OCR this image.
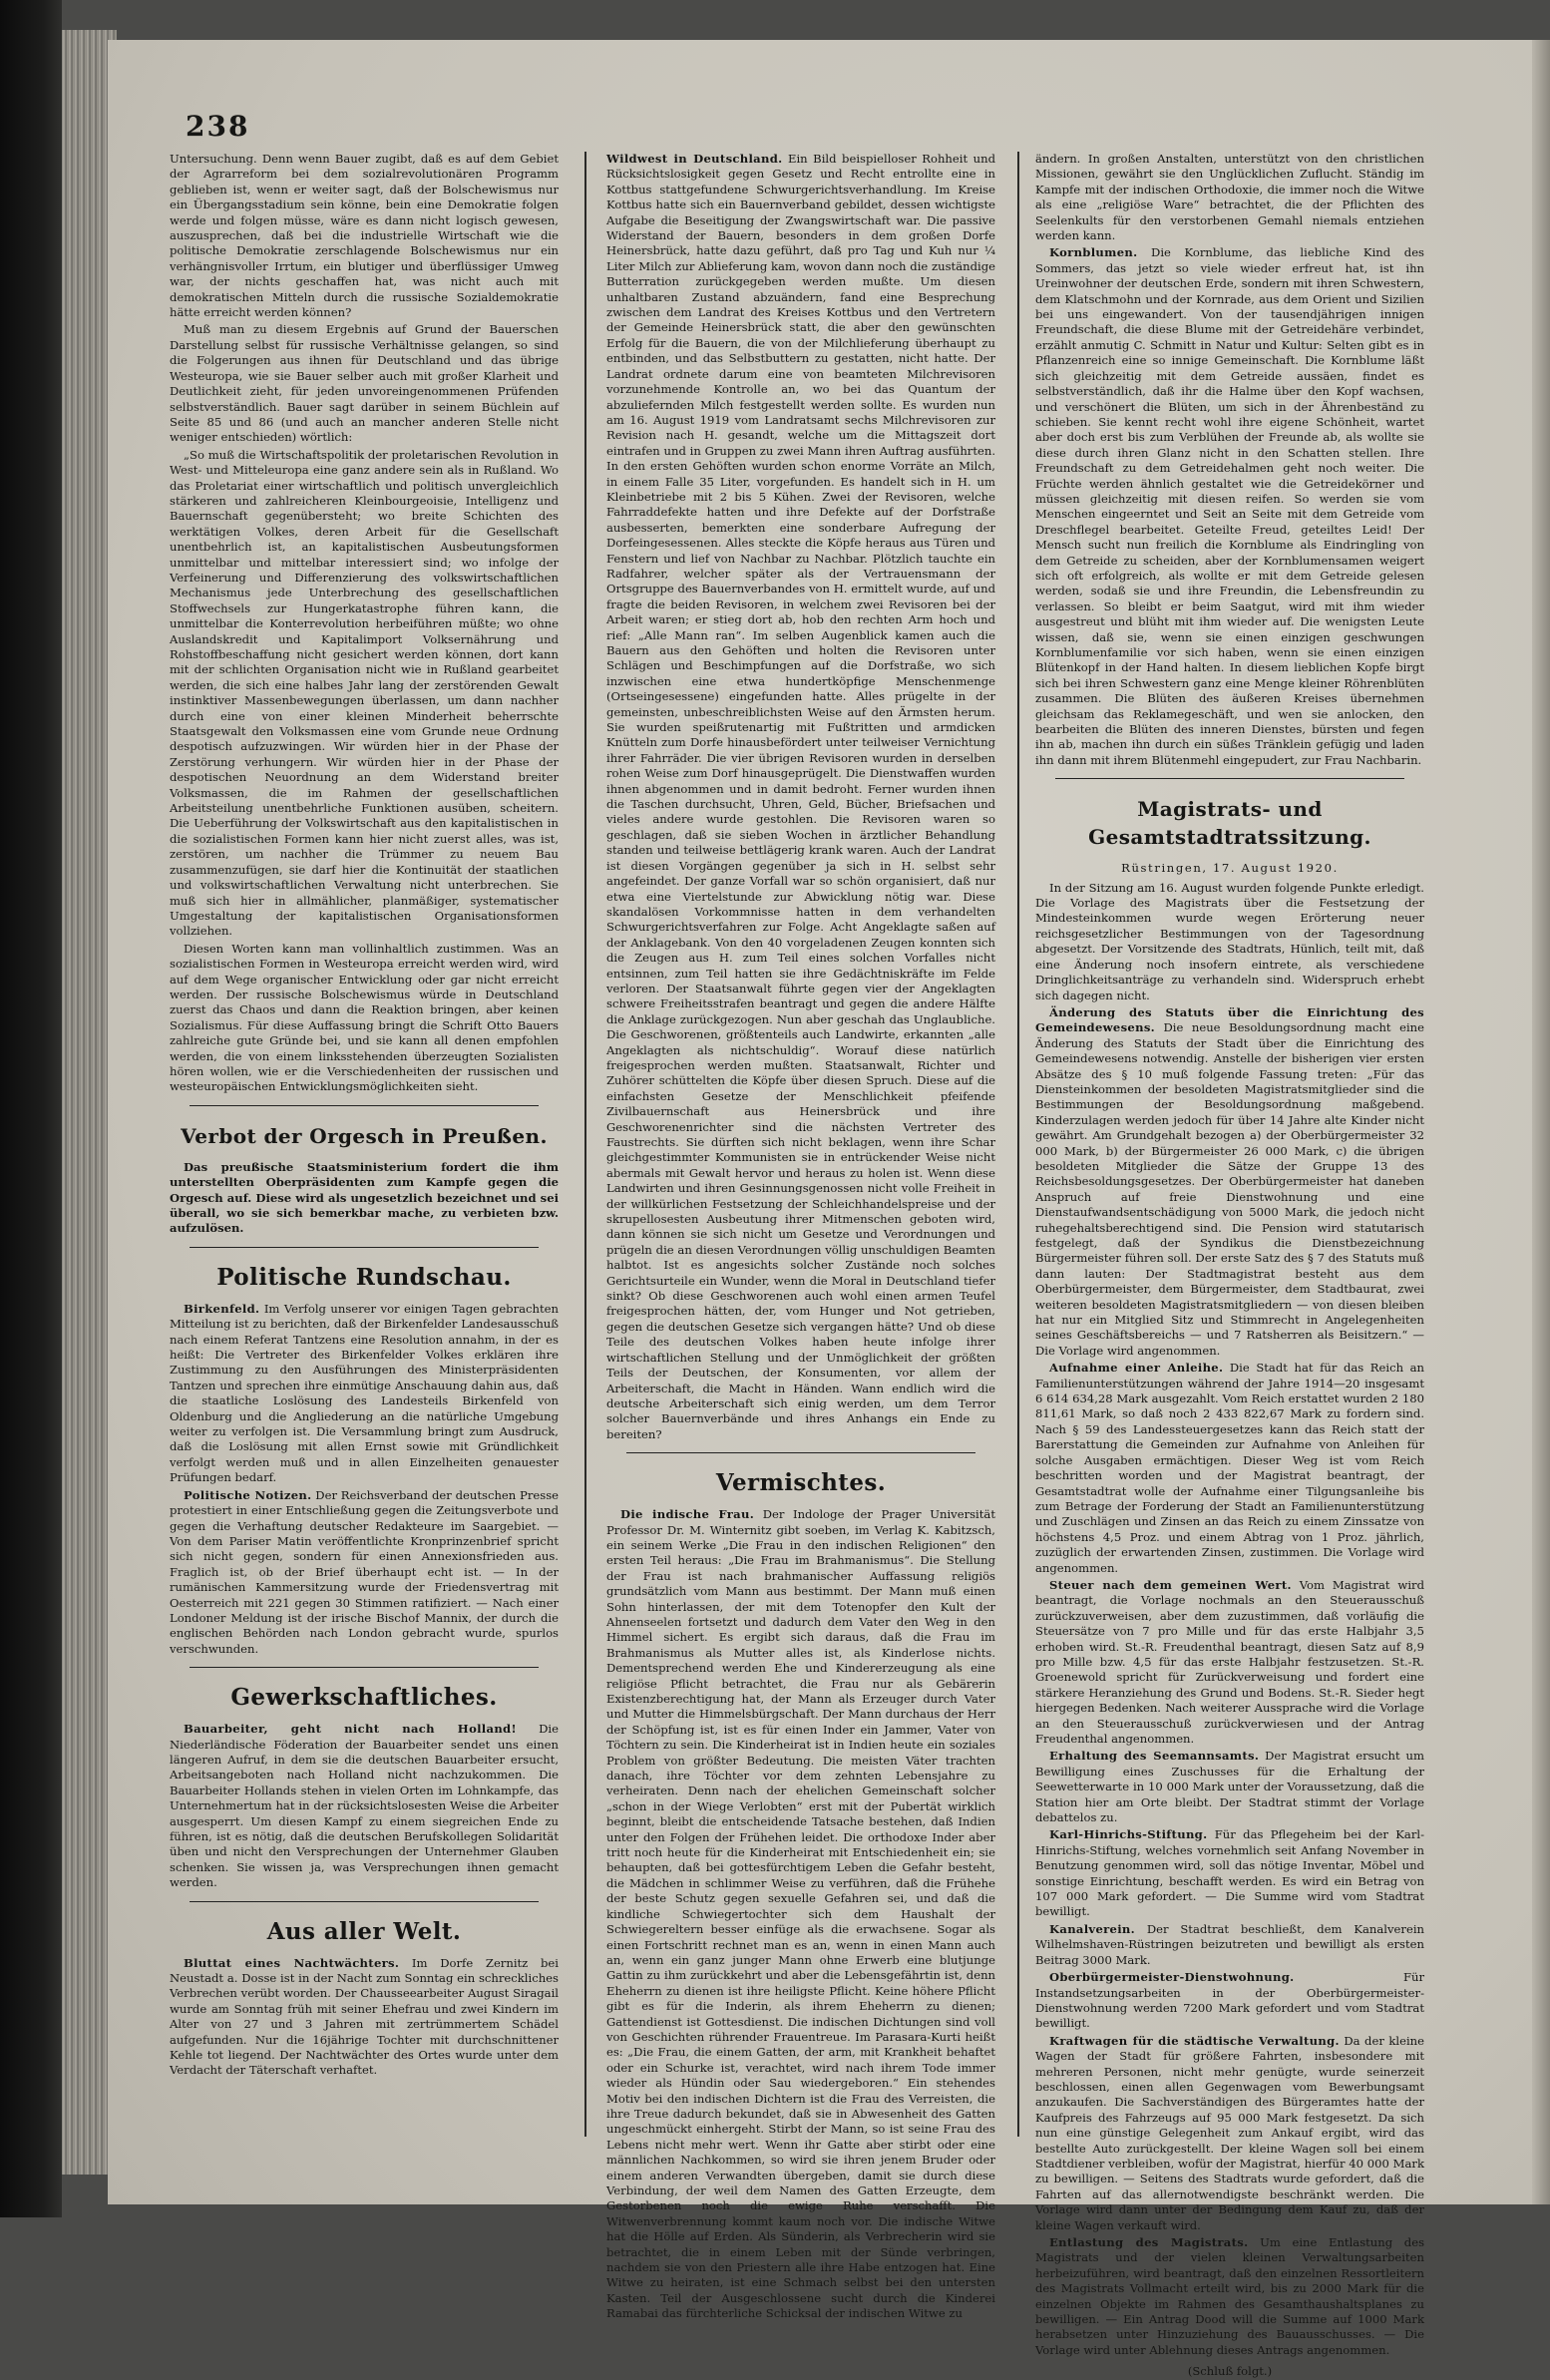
238

Untersuchung. Denn wenn Bauer zugibt, daß es auf dem Gebiet der Agrarreform bei dem sozialrevolutionären Programm geblieben ist, wenn er weiter sagt, daß der Bolschewismus nur ein Übergangsstadium sein könne, bein eine Demokratie folgen werde und folgen müsse, wäre es dann nicht logisch gewesen, auszusprechen, daß bei die industrielle Wirtschaft wie die politische Demokratie zerschlagende Bolschewismus nur ein verhängnisvoller Irrtum, ein blutiger und überflüssiger Umweg war, der nichts geschaffen hat, was nicht auch mit demokratischen Mitteln durch die russische Sozialdemokratie hätte erreicht werden können?

Muß man zu diesem Ergebnis auf Grund der Bauerschen Darstellung selbst für russische Verhältnisse gelangen, so sind die Folgerungen aus ihnen für Deutschland und das übrige Westeuropa, wie sie Bauer selber auch mit großer Klarheit und Deutlichkeit zieht, für jeden unvoreingenommenen Prüfenden selbstverständlich. Bauer sagt darüber in seinem Büchlein auf Seite 85 und 86 (und auch an mancher anderen Stelle nicht weniger entschieden) wörtlich:

„So muß die Wirtschaftspolitik der proletarischen Revolution in West- und Mitteleuropa eine ganz andere sein als in Rußland. Wo das Proletariat einer wirtschaftlich und politisch unvergleichlich stärkeren und zahlreicheren Kleinbourgeoisie, Intelligenz und Bauernschaft gegenübersteht; wo breite Schichten des werktätigen Volkes, deren Arbeit für die Gesellschaft unentbehrlich ist, an kapitalistischen Ausbeutungsformen unmittelbar und mittelbar interessiert sind; wo infolge der Verfeinerung und Differenzierung des volkswirtschaftlichen Mechanismus jede Unterbrechung des gesellschaftlichen Stoffwechsels zur Hungerkatastrophe führen kann, die unmittelbar die Konterrevolution herbeiführen müßte; wo ohne Auslandskredit und Kapitalimport Volksernährung und Rohstoffbeschaffung nicht gesichert werden können, dort kann mit der schlichten Organisation nicht wie in Rußland gearbeitet werden, die sich eine halbes Jahr lang der zerstörenden Gewalt instinktiver Massenbewegungen überlassen, um dann nachher durch eine von einer kleinen Minderheit beherrschte Staatsgewalt den Volksmassen eine vom Grunde neue Ordnung despotisch aufzuzwingen. Wir würden hier in der Phase der Zerstörung verhungern. Wir würden hier in der Phase der despotischen Neuordnung an dem Widerstand breiter Volksmassen, die im Rahmen der gesellschaftlichen Arbeitsteilung unentbehrliche Funktionen ausüben, scheitern. Die Ueberführung der Volkswirtschaft aus den kapitalistischen in die sozialistischen Formen kann hier nicht zuerst alles, was ist, zerstören, um nachher die Trümmer zu neuem Bau zusammenzufügen, sie darf hier die Kontinuität der staatlichen und volkswirtschaftlichen Verwaltung nicht unterbrechen. Sie muß sich hier in allmählicher, planmäßiger, systematischer Umgestaltung der kapitalistischen Organisationsformen vollziehen.

Diesen Worten kann man vollinhaltlich zustimmen. Was an sozialistischen Formen in Westeuropa erreicht werden wird, wird auf dem Wege organischer Entwicklung oder gar nicht erreicht werden. Der russische Bolschewismus würde in Deutschland zuerst das Chaos und dann die Reaktion bringen, aber keinen Sozialismus. Für diese Auffassung bringt die Schrift Otto Bauers zahlreiche gute Gründe bei, und sie kann all denen empfohlen werden, die von einem linksstehenden überzeugten Sozialisten hören wollen, wie er die Verschiedenheiten der russischen und westeuropäischen Entwicklungsmöglichkeiten sieht.

Verbot der Orgesch in Preußen.

Das preußische Staatsministerium fordert die ihm unterstellten Oberpräsidenten zum Kampfe gegen die Orgesch auf. Diese wird als ungesetzlich bezeichnet und sei überall, wo sie sich bemerkbar mache, zu verbieten bzw. aufzulösen.

Politische Rundschau.

Birkenfeld. Im Verfolg unserer vor einigen Tagen gebrachten Mitteilung ist zu berichten, daß der Birkenfelder Landesausschuß nach einem Referat Tantzens eine Resolution annahm, in der es heißt: Die Vertreter des Birkenfelder Volkes erklären ihre Zustimmung zu den Ausführungen des Ministerpräsidenten Tantzen und sprechen ihre einmütige Anschauung dahin aus, daß die staatliche Loslösung des Landesteils Birkenfeld von Oldenburg und die Angliederung an die natürliche Umgebung weiter zu verfolgen ist. Die Versammlung bringt zum Ausdruck, daß die Loslösung mit allen Ernst sowie mit Gründlichkeit verfolgt werden muß und in allen Einzelheiten genauester Prüfungen bedarf.

Politische Notizen. Der Reichsverband der deutschen Presse protestiert in einer Entschließung gegen die Zeitungsverbote und gegen die Verhaftung deutscher Redakteure im Saargebiet. — Von dem Pariser Matin veröffentlichte Kronprinzenbrief spricht sich nicht gegen, sondern für einen Annexionsfrieden aus. Fraglich ist, ob der Brief überhaupt echt ist. — In der rumänischen Kammersitzung wurde der Friedensvertrag mit Oesterreich mit 221 gegen 30 Stimmen ratifiziert. — Nach einer Londoner Meldung ist der irische Bischof Mannix, der durch die englischen Behörden nach London gebracht wurde, spurlos verschwunden.

Gewerkschaftliches.

Bauarbeiter, geht nicht nach Holland! Die Niederländische Föderation der Bauarbeiter sendet uns einen längeren Aufruf, in dem sie die deutschen Bauarbeiter ersucht, Arbeitsangeboten nach Holland nicht nachzukommen. Die Bauarbeiter Hollands stehen in vielen Orten im Lohnkampfe, das Unternehmertum hat in der rücksichtslosesten Weise die Arbeiter ausgesperrt. Um diesen Kampf zu einem siegreichen Ende zu führen, ist es nötig, daß die deutschen Berufskollegen Solidarität üben und nicht den Versprechungen der Unternehmer Glauben schenken. Sie wissen ja, was Versprechungen ihnen gemacht werden.

Aus aller Welt.

Bluttat eines Nachtwächters. Im Dorfe Zernitz bei Neustadt a. Dosse ist in der Nacht zum Sonntag ein schreckliches Verbrechen verübt worden. Der Chausseearbeiter August Siragail wurde am Sonntag früh mit seiner Ehefrau und zwei Kindern im Alter von 27 und 3 Jahren mit zertrümmertem Schädel aufgefunden. Nur die 16jährige Tochter mit durchschnittener Kehle tot liegend. Der Nachtwächter des Ortes wurde unter dem Verdacht der Täterschaft verhaftet.

Wildwest in Deutschland. Ein Bild beispielloser Rohheit und Rücksichtslosigkeit gegen Gesetz und Recht entrollte eine in Kottbus stattgefundene Schwurgerichtsverhandlung. Im Kreise Kottbus hatte sich ein Bauernverband gebildet, dessen wichtigste Aufgabe die Beseitigung der Zwangswirtschaft war. Die passive Widerstand der Bauern, besonders in dem großen Dorfe Heinersbrück, hatte dazu geführt, daß pro Tag und Kuh nur ¼ Liter Milch zur Ablieferung kam, wovon dann noch die zuständige Butterration zurückgegeben werden mußte. Um diesen unhaltbaren Zustand abzuändern, fand eine Besprechung zwischen dem Landrat des Kreises Kottbus und den Vertretern der Gemeinde Heinersbrück statt, die aber den gewünschten Erfolg für die Bauern, die von der Milchlieferung überhaupt zu entbinden, und das Selbstbuttern zu gestatten, nicht hatte. Der Landrat ordnete darum eine von beamteten Milchrevisoren vorzunehmende Kontrolle an, wo bei das Quantum der abzuliefernden Milch festgestellt werden sollte. Es wurden nun am 16. August 1919 vom Landratsamt sechs Milchrevisoren zur Revision nach H. gesandt, welche um die Mittagszeit dort eintrafen und in Gruppen zu zwei Mann ihren Auftrag ausführten. In den ersten Gehöften wurden schon enorme Vorräte an Milch, in einem Falle 35 Liter, vorgefunden. Es handelt sich in H. um Kleinbetriebe mit 2 bis 5 Kühen. Zwei der Revisoren, welche Fahrraddefekte hatten und ihre Defekte auf der Dorfstraße ausbesserten, bemerkten eine sonderbare Aufregung der Dorfeingesessenen. Alles steckte die Köpfe heraus aus Türen und Fenstern und lief von Nachbar zu Nachbar. Plötzlich tauchte ein Radfahrer, welcher später als der Vertrauensmann der Ortsgruppe des Bauernverbandes von H. ermittelt wurde, auf und fragte die beiden Revisoren, in welchem zwei Revisoren bei der Arbeit waren; er stieg dort ab, hob den rechten Arm hoch und rief: „Alle Mann ran“. Im selben Augenblick kamen auch die Bauern aus den Gehöften und holten die Revisoren unter Schlägen und Beschimpfungen auf die Dorfstraße, wo sich inzwischen eine etwa hundertköpfige Menschenmenge (Ortseingesessene) eingefunden hatte. Alles prügelte in der gemeinsten, unbeschreiblichsten Weise auf den Ärmsten herum. Sie wurden speißrutenartig mit Fußtritten und armdicken Knütteln zum Dorfe hinausbefördert unter teilweiser Vernichtung ihrer Fahrräder. Die vier übrigen Revisoren wurden in derselben rohen Weise zum Dorf hinausgeprügelt. Die Dienstwaffen wurden ihnen abgenommen und in damit bedroht. Ferner wurden ihnen die Taschen durchsucht, Uhren, Geld, Bücher, Briefsachen und vieles andere wurde gestohlen. Die Revisoren waren so geschlagen, daß sie sieben Wochen in ärztlicher Behandlung standen und teilweise bettlägerig krank waren. Auch der Landrat ist diesen Vorgängen gegenüber ja sich in H. selbst sehr angefeindet. Der ganze Vorfall war so schön organisiert, daß nur etwa eine Viertelstunde zur Abwicklung nötig war. Diese skandalösen Vorkommnisse hatten in dem verhandelten Schwurgerichtsverfahren zur Folge. Acht Angeklagte saßen auf der Anklagebank. Von den 40 vorgeladenen Zeugen konnten sich die Zeugen aus H. zum Teil eines solchen Vorfalles nicht entsinnen, zum Teil hatten sie ihre Gedächtniskräfte im Felde verloren. Der Staatsanwalt führte gegen vier der Angeklagten schwere Freiheitsstrafen beantragt und gegen die andere Hälfte die Anklage zurückgezogen. Nun aber geschah das Unglaubliche. Die Geschworenen, größtenteils auch Landwirte, erkannten „alle Angeklagten als nichtschuldig“. Worauf diese natürlich freigesprochen werden mußten. Staatsanwalt, Richter und Zuhörer schüttelten die Köpfe über diesen Spruch. Diese auf die einfachsten Gesetze der Menschlichkeit pfeifende Zivilbauernschaft aus Heinersbrück und ihre Geschworenenrichter sind die nächsten Vertreter des Faustrechts. Sie dürften sich nicht beklagen, wenn ihre Schar gleichgestimmter Kommunisten sie in entrückender Weise nicht abermals mit Gewalt hervor und heraus zu holen ist. Wenn diese Landwirten und ihren Gesinnungsgenossen nicht volle Freiheit in der willkürlichen Festsetzung der Schleichhandelspreise und der skrupellosesten Ausbeutung ihrer Mitmenschen geboten wird, dann können sie sich nicht um Gesetze und Verordnungen und prügeln die an diesen Verordnungen völlig unschuldigen Beamten halbtot. Ist es angesichts solcher Zustände noch solches Gerichtsurteile ein Wunder, wenn die Moral in Deutschland tiefer sinkt? Ob diese Geschworenen auch wohl einen armen Teufel freigesprochen hätten, der, vom Hunger und Not getrieben, gegen die deutschen Gesetze sich vergangen hätte? Und ob diese Teile des deutschen Volkes haben heute infolge ihrer wirtschaftlichen Stellung und der Unmöglichkeit der größten Teils der Deutschen, der Konsumenten, vor allem der Arbeiterschaft, die Macht in Händen. Wann endlich wird die deutsche Arbeiterschaft sich einig werden, um dem Terror solcher Bauernverbände und ihres Anhangs ein Ende zu bereiten?

Vermischtes.

Die indische Frau. Der Indologe der Prager Universität Professor Dr. M. Winternitz gibt soeben, im Verlag K. Kabitzsch, ein seinem Werke „Die Frau in den indischen Religionen“ den ersten Teil heraus: „Die Frau im Brahmanismus“. Die Stellung der Frau ist nach brahmanischer Auffassung religiös grundsätzlich vom Mann aus bestimmt. Der Mann muß einen Sohn hinterlassen, der mit dem Totenopfer den Kult der Ahnenseelen fortsetzt und dadurch dem Vater den Weg in den Himmel sichert. Es ergibt sich daraus, daß die Frau im Brahmanismus als Mutter alles ist, als Kinderlose nichts. Dementsprechend werden Ehe und Kindererzeugung als eine religiöse Pflicht betrachtet, die Frau nur als Gebärerin Existenzberechtigung hat, der Mann als Erzeuger durch Vater und Mutter die Himmelsbürgschaft. Der Mann durchaus der Herr der Schöpfung ist, ist es für einen Inder ein Jammer, Vater von Töchtern zu sein. Die Kinderheirat ist in Indien heute ein soziales Problem von größter Bedeutung. Die meisten Väter trachten danach, ihre Töchter vor dem zehnten Lebensjahre zu verheiraten. Denn nach der ehelichen Gemeinschaft solcher „schon in der Wiege Verlobten“ erst mit der Pubertät wirklich beginnt, bleibt die entscheidende Tatsache bestehen, daß Indien unter den Folgen der Frühehen leidet. Die orthodoxe Inder aber tritt noch heute für die Kinderheirat mit Entschiedenheit ein; sie behaupten, daß bei gottesfürchtigem Leben die Gefahr besteht, die Mädchen in schlimmer Weise zu verführen, daß die Frühehe der beste Schutz gegen sexuelle Gefahren sei, und daß die kindliche Schwiegertochter sich dem Haushalt der Schwiegereltern besser einfüge als die erwachsene. Sogar als einen Fortschritt rechnet man es an, wenn in einen Mann auch an, wenn ein ganz junger Mann ohne Erwerb eine blutjunge Gattin zu ihm zurückkehrt und aber die Lebensgefährtin ist, denn Eheherrn zu dienen ist ihre heiligste Pflicht. Keine höhere Pflicht gibt es für die Inderin, als ihrem Eheherrn zu dienen; Gattendienst ist Gottesdienst. Die indischen Dichtungen sind voll von Geschichten rührender Frauentreue. Im Parasara-Kurti heißt es: „Die Frau, die einem Gatten, der arm, mit Krankheit behaftet oder ein Schurke ist, verachtet, wird nach ihrem Tode immer wieder als Hündin oder Sau wiedergeboren.“ Ein stehendes Motiv bei den indischen Dichtern ist die Frau des Verreisten, die ihre Treue dadurch bekundet, daß sie in Abwesenheit des Gatten ungeschmückt einhergeht. Stirbt der Mann, so ist seine Frau des Lebens nicht mehr wert. Wenn ihr Gatte aber stirbt oder eine männlichen Nachkommen, so wird sie ihren jenem Bruder oder einem anderen Verwandten übergeben, damit sie durch diese Verbindung, der weil dem Namen des Gatten Erzeugte, dem Gestorbenen noch die ewige Ruhe verschafft. Die Witwenverbrennung kommt kaum noch vor. Die indische Witwe hat die Hölle auf Erden. Als Sünderin, als Verbrecherin wird sie betrachtet, die in einem Leben mit der Sünde verbringen, nachdem sie von den Priestern alle ihre Habe entzogen hat. Eine Witwe zu heiraten, ist eine Schmach selbst bei den untersten Kasten. Teil der Ausgeschlossene sucht durch die Kinderei Ramabai das fürchterliche Schicksal der indischen Witwe zu

ändern. In großen Anstalten, unterstützt von den christlichen Missionen, gewährt sie den Unglücklichen Zuflucht. Ständig im Kampfe mit der indischen Orthodoxie, die immer noch die Witwe als eine „religiöse Ware“ betrachtet, die der Pflichten des Seelenkults für den verstorbenen Gemahl niemals entziehen werden kann.

Kornblumen. Die Kornblume, das liebliche Kind des Sommers, das jetzt so viele wieder erfreut hat, ist ihn Ureinwohner der deutschen Erde, sondern mit ihren Schwestern, dem Klatschmohn und der Kornrade, aus dem Orient und Sizilien bei uns eingewandert. Von der tausendjährigen innigen Freundschaft, die diese Blume mit der Getreidehäre verbindet, erzählt anmutig C. Schmitt in Natur und Kultur: Selten gibt es in Pflanzenreich eine so innige Gemeinschaft. Die Kornblume läßt sich gleichzeitig mit dem Getreide aussäen, findet es selbstverständlich, daß ihr die Halme über den Kopf wachsen, und verschönert die Blüten, um sich in der Ährenbeständ zu schieben. Sie kennt recht wohl ihre eigene Schönheit, wartet aber doch erst bis zum Verblühen der Freunde ab, als wollte sie diese durch ihren Glanz nicht in den Schatten stellen. Ihre Freundschaft zu dem Getreidehalmen geht noch weiter. Die Früchte werden ähnlich gestaltet wie die Getreidekörner und müssen gleichzeitig mit diesen reifen. So werden sie vom Menschen eingeerntet und Seit an Seite mit dem Getreide vom Dreschflegel bearbeitet. Geteilte Freud, geteiltes Leid! Der Mensch sucht nun freilich die Kornblume als Eindringling von dem Getreide zu scheiden, aber der Kornblumensamen weigert sich oft erfolgreich, als wollte er mit dem Getreide gelesen werden, sodaß sie und ihre Freundin, die Lebensfreundin zu verlassen. So bleibt er beim Saatgut, wird mit ihm wieder ausgestreut und blüht mit ihm wieder auf. Die wenigsten Leute wissen, daß sie, wenn sie einen einzigen geschwungen Kornblumenfamilie vor sich haben, wenn sie einen einzigen Blütenkopf in der Hand halten. In diesem lieblichen Kopfe birgt sich bei ihren Schwestern ganz eine Menge kleiner Röhrenblüten zusammen. Die Blüten des äußeren Kreises übernehmen gleichsam das Reklamegeschäft, und wen sie anlocken, den bearbeiten die Blüten des inneren Dienstes, bürsten und fegen ihn ab, machen ihn durch ein süßes Tränklein gefügig und laden ihn dann mit ihrem Blütenmehl eingepudert, zur Frau Nachbarin.

Magistrats- und Gesamtstadtratssitzung.
Rüstringen, 17. August 1920.

In der Sitzung am 16. August wurden folgende Punkte erledigt. Die Vorlage des Magistrats über die Festsetzung der Mindesteinkommen wurde wegen Erörterung neuer reichsgesetzlicher Bestimmungen von der Tagesordnung abgesetzt. Der Vorsitzende des Stadtrats, Hünlich, teilt mit, daß eine Änderung noch insofern eintrete, als verschiedene Dringlichkeitsanträge zu verhandeln sind. Widerspruch erhebt sich dagegen nicht.

Änderung des Statuts über die Einrichtung des Gemeindewesens. Die neue Besoldungsordnung macht eine Änderung des Statuts der Stadt über die Einrichtung des Gemeindewesens notwendig. Anstelle der bisherigen vier ersten Absätze des § 10 muß folgende Fassung treten: „Für das Diensteinkommen der besoldeten Magistratsmitglieder sind die Bestimmungen der Besoldungsordnung maßgebend. Kinderzulagen werden jedoch für über 14 Jahre alte Kinder nicht gewährt. Am Grundgehalt bezogen a) der Oberbürgermeister 32 000 Mark, b) der Bürgermeister 26 000 Mark, c) die übrigen besoldeten Mitglieder die Sätze der Gruppe 13 des Reichsbesoldungsgesetzes. Der Oberbürgermeister hat daneben Anspruch auf freie Dienstwohnung und eine Dienstaufwandsentschädigung von 5000 Mark, die jedoch nicht ruhegehaltsberechtigend sind. Die Pension wird statutarisch festgelegt, daß der Syndikus die Dienstbezeichnung Bürgermeister führen soll. Der erste Satz des § 7 des Statuts muß dann lauten: Der Stadtmagistrat besteht aus dem Oberbürgermeister, dem Bürgermeister, dem Stadtbaurat, zwei weiteren besoldeten Magistratsmitgliedern — von diesen bleiben hat nur ein Mitglied Sitz und Stimmrecht in Angelegenheiten seines Geschäftsbereichs — und 7 Ratsherren als Beisitzern.“ — Die Vorlage wird angenommen.

Aufnahme einer Anleihe. Die Stadt hat für das Reich an Familienunterstützungen während der Jahre 1914—20 insgesamt 6 614 634,28 Mark ausgezahlt. Vom Reich erstattet wurden 2 180 811,61 Mark, so daß noch 2 433 822,67 Mark zu fordern sind. Nach § 59 des Landessteuergesetzes kann das Reich statt der Barerstattung die Gemeinden zur Aufnahme von Anleihen für solche Ausgaben ermächtigen. Dieser Weg ist vom Reich beschritten worden und der Magistrat beantragt, der Gesamtstadtrat wolle der Aufnahme einer Tilgungsanleihe bis zum Betrage der Forderung der Stadt an Familienunterstützung und Zuschlägen und Zinsen an das Reich zu einem Zinssatze von höchstens 4,5 Proz. und einem Abtrag von 1 Proz. jährlich, zuzüglich der erwartenden Zinsen, zustimmen. Die Vorlage wird angenommen.

Steuer nach dem gemeinen Wert. Vom Magistrat wird beantragt, die Vorlage nochmals an den Steuerausschuß zurückzuverweisen, aber dem zuzustimmen, daß vorläufig die Steuersätze von 7 pro Mille und für das erste Halbjahr 3,5 erhoben wird. St.-R. Freudenthal beantragt, diesen Satz auf 8,9 pro Mille bzw. 4,5 für das erste Halbjahr festzusetzen. St.-R. Groenewold spricht für Zurückverweisung und fordert eine stärkere Heranziehung des Grund und Bodens. St.-R. Sieder hegt hiergegen Bedenken. Nach weiterer Aussprache wird die Vorlage an den Steuerausschuß zurückverwiesen und der Antrag Freudenthal angenommen.

Erhaltung des Seemannsamts. Der Magistrat ersucht um Bewilligung eines Zuschusses für die Erhaltung der Seewetterwarte in 10 000 Mark unter der Voraussetzung, daß die Station hier am Orte bleibt. Der Stadtrat stimmt der Vorlage debattelos zu.

Karl-Hinrichs-Stiftung. Für das Pflegeheim bei der Karl-Hinrichs-Stiftung, welches vornehmlich seit Anfang November in Benutzung genommen wird, soll das nötige Inventar, Möbel und sonstige Einrichtung, beschafft werden. Es wird ein Betrag von 107 000 Mark gefordert. — Die Summe wird vom Stadtrat bewilligt.

Kanalverein. Der Stadtrat beschließt, dem Kanalverein Wilhelmshaven-Rüstringen beizutreten und bewilligt als ersten Beitrag 3000 Mark.

Oberbürgermeister-Dienstwohnung.	Für Instandsetzungsarbeiten in der Oberbürgermeister-Dienstwohnung werden 7200 Mark gefordert und vom Stadtrat bewilligt.

Kraftwagen für die städtische Verwaltung. Da der kleine Wagen der Stadt für größere Fahrten, insbesondere mit mehreren Personen, nicht mehr genügte, wurde seinerzeit beschlossen, einen allen Gegenwagen vom Bewerbungsamt anzukaufen. Die Sachverständigen des Bürgeramtes hatte der Kaufpreis des Fahrzeugs auf 95 000 Mark festgesetzt. Da sich nun eine günstige Gelegenheit zum Ankauf ergibt, wird das bestellte Auto zurückgestellt. Der kleine Wagen soll bei einem Stadtdiener verbleiben, wofür der Magistrat, hierfür 40 000 Mark zu bewilligen. — Seitens des Stadtrats wurde gefordert, daß die Fahrten auf das allernotwendigste beschränkt werden. Die Vorlage wird dann unter der Bedingung dem Kauf zu, daß der kleine Wagen verkauft wird.

Entlastung des Magistrats. Um eine Entlastung des Magistrats und der vielen kleinen Verwaltungsarbeiten herbeizuführen, wird beantragt, daß den einzelnen Ressortleitern des Magistrats Vollmacht erteilt wird, bis zu 2000 Mark für die einzelnen Objekte im Rahmen des Gesamthaushaltsplanes zu bewilligen. — Ein Antrag Dood will die Summe auf 1000 Mark herabsetzen unter Hinzuziehung des Bauausschusses. — Die Vorlage wird unter Ablehnung dieses Antrags angenommen.

(Schluß folgt.)
